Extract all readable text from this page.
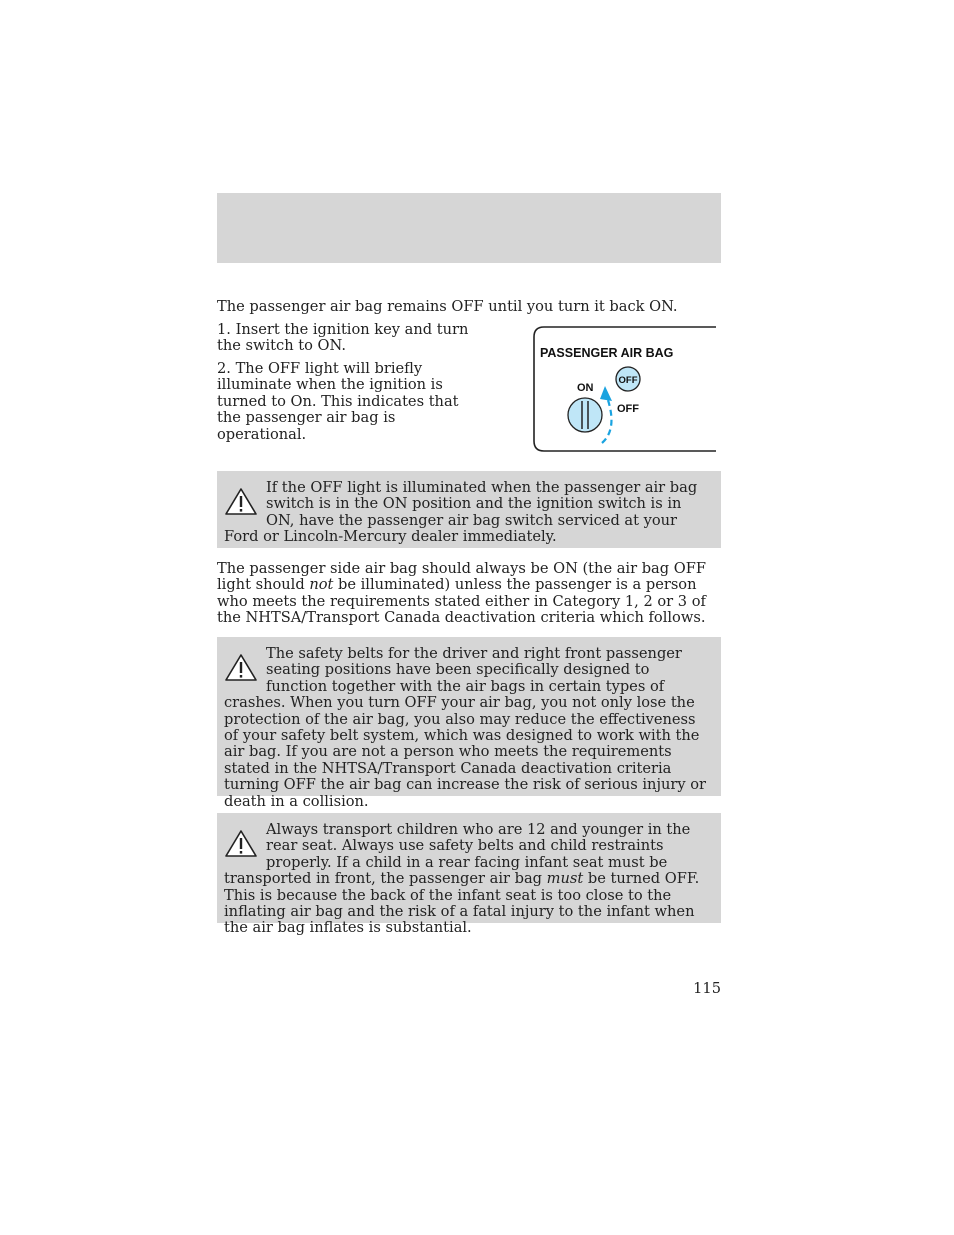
The passenger air bag remains OFF until you turn it back ON.

1. Insert the ignition key and turn the switch to ON.

2. The OFF light will briefly illuminate when the ignition is turned to On. This indicates that the passenger air bag is operational.

PASSENGER AIR BAG
ON
OFF
OFF
If the OFF light is illuminated when the passenger air bag switch is in the ON position and the ignition switch is in ON, have the passenger air bag switch serviced at your Ford or Lincoln-Mercury dealer immediately.

The passenger side air bag should always be ON (the air bag OFF light should not be illuminated) unless the passenger is a person who meets the requirements stated either in Category 1, 2 or 3 of the NHTSA/Transport Canada deactivation criteria which follows.

The safety belts for the driver and right front passenger seating positions have been specifically designed to function together with the air bags in certain types of crashes. When you turn OFF your air bag, you not only lose the protection of the air bag, you also may reduce the effectiveness of your safety belt system, which was designed to work with the air bag. If you are not a person who meets the requirements stated in the NHTSA/Transport Canada deactivation criteria turning OFF the air bag can increase the risk of serious injury or death in a collision.
Always transport children who are 12 and younger in the rear seat. Always use safety belts and child restraints properly. If a child in a rear facing infant seat must be transported in front, the passenger air bag must be turned OFF. This is because the back of the infant seat is too close to the inflating air bag and the risk of a fatal injury to the infant when the air bag inflates is substantial.
115
